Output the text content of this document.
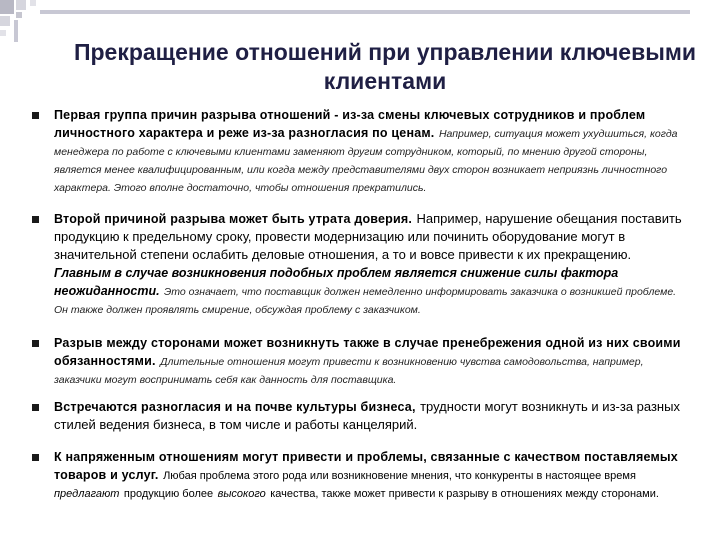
Прекращение отношений при управлении ключевыми клиентами
Первая группа причин разрыва отношений - из-за смены ключевых сотрудников и проблем личностного характера и реже из-за разногласия по ценам. Например, ситуация может ухудшиться, когда менеджера по работе с ключевыми клиентами заменяют другим сотрудником, который, по мнению другой стороны, является менее квалифицированным, или когда между представителями двух сторон возникает неприязнь личностного характера. Этого вполне достаточно, чтобы отношения прекратились.
Второй причиной разрыва может быть утрата доверия. Например, нарушение обещания поставить продукцию к предельному сроку, провести модернизацию или починить оборудование могут в значительной степени ослабить деловые отношения, а то и вовсе привести к их прекращению. Главным в случае возникновения подобных проблем является снижение силы фактора неожиданности. Это означает, что поставщик должен немедленно информировать заказчика о возникшей проблеме. Он также должен проявлять смирение, обсуждая проблему с заказчиком.
Разрыв между сторонами может возникнуть также в случае пренебрежения одной из них своими обязанностями. Длительные отношения могут привести к возникновению чувства самодовольства, например, заказчики могут воспринимать себя как данность для поставщика.
Встречаются разногласия и на почве культуры бизнеса, трудности могут возникнуть и из-за разных стилей ведения бизнеса, в том числе и работы канцелярий.
К напряженным отношениям могут привести и проблемы, связанные с качеством поставляемых товаров и услуг. Любая проблема этого рода или возникновение мнения, что конкуренты в настоящее время предлагают продукцию более высокого качества, также может привести к разрыву в отношениях между сторонами.
